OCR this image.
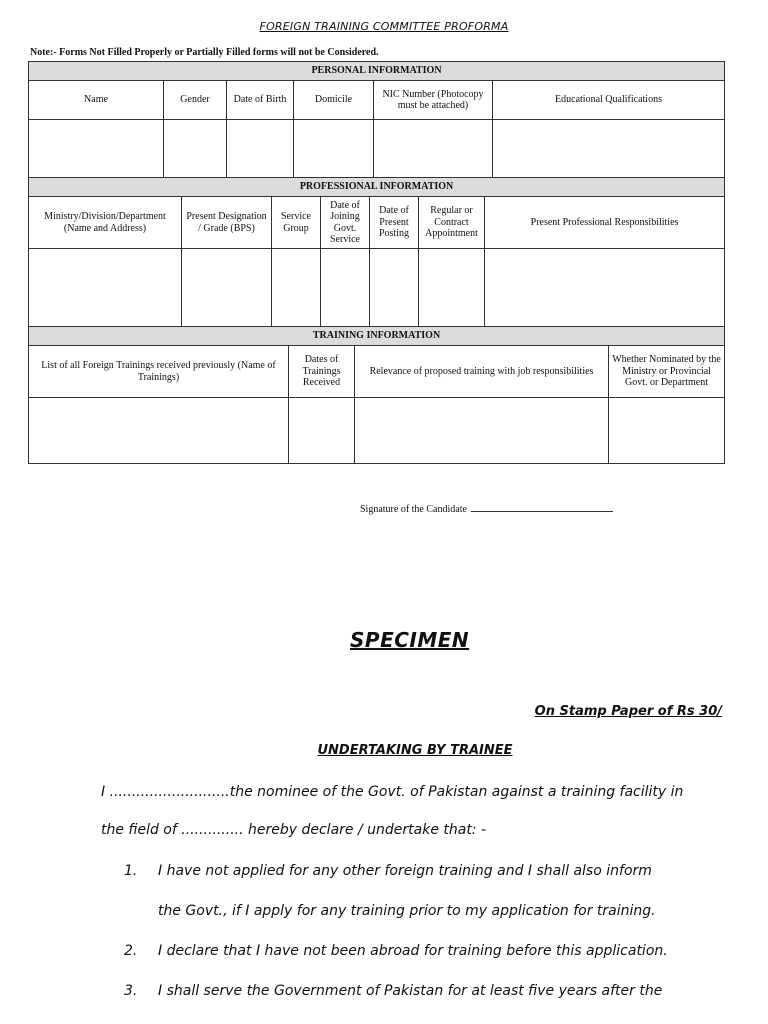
FOREIGN TRAINING COMMITTEE PROFORMA
Note:- Forms Not Filled Properly or Partially Filled forms will not be Considered.
PERSONAL INFORMATION					
Name	Gender	Date of Birth	Domicile	NIC Number (Photocopy must be attached)	Educational Qualifications

PROFESSIONAL INFORMATION						
Ministry/Division/Department (Name and Address)	Present Designation / Grade (BPS)	Service Group	Date of Joining Govt. Service	Date of Present Posting	Regular or Contract Appointment	Present Professional Responsibilities

TRAINING INFORMATION			
List of all Foreign Trainings received previously (Name of Trainings)	Dates of Trainings Received	Relevance of proposed training with job responsibilities	Whether Nominated by the Ministry or Provincial Govt. or Department

Signature of the Candidate
SPECIMEN
On Stamp Paper of Rs 30/
UNDERTAKING BY TRAINEE
I ...........................the nominee of the Govt. of Pakistan against a training facility in
the field of .............. hereby declare / undertake that: -
1. I have not applied for any other foreign training and I shall also inform
the Govt., if I apply for any training prior to my application for training.
2. I declare that I have not been abroad for training before this application.
3. I shall serve the Government of Pakistan for at least five years after the
